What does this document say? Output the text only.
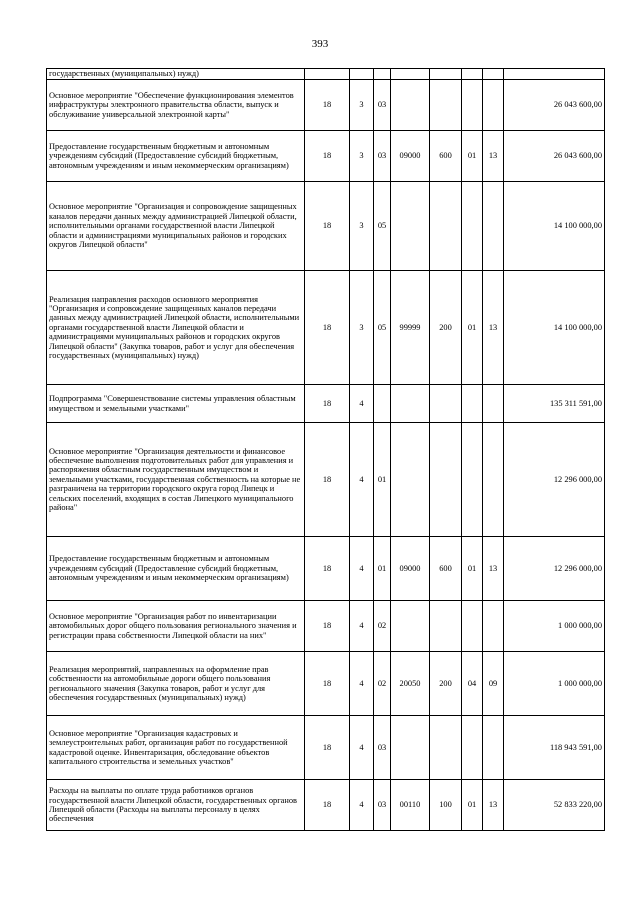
393
государственных (муниципальных) нужд)								
Основное мероприятие "Обеспечение функционирования элементов инфраструктуры электронного правительства области, выпуск и обслуживание универсальной электронной карты"	18	3	03					26 043 600,00
Предоставление государственным бюджетным и автономным учреждениям субсидий (Предоставление субсидий бюджетным, автономным учреждениям и иным некоммерческим организациям)	18	3	03	09000	600	01	13	26 043 600,00
Основное мероприятие "Организация и сопровождение защищенных каналов передачи данных между администрацией Липецкой области, исполнительными органами государственной власти Липецкой области и администрациями муниципальных районов и городских округов Липецкой области"	18	3	05					14 100 000,00
Реализация направления расходов основного мероприятия "Организация и сопровождение защищенных каналов передачи данных между администрацией Липецкой области, исполнительными органами государственной власти Липецкой области и администрациями муниципальных районов и городских округов Липецкой области" (Закупка товаров, работ и услуг для обеспечения государственных (муниципальных) нужд)	18	3	05	99999	200	01	13	14 100 000,00
Подпрограмма "Совершенствование системы управления областным имуществом и земельными участками"	18	4						135 311 591,00
Основное мероприятие "Организация деятельности и финансовое обеспечение выполнения подготовительных работ для управления и распоряжения областным государственным имуществом и земельными участками, государственная собственность на которые не разграничена на территории городского округа город Липецк и сельских поселений, входящих в состав Липецкого муниципального района"	18	4	01					12 296 000,00
Предоставление государственным бюджетным и автономным учреждениям субсидий (Предоставление субсидий бюджетным, автономным учреждениям и иным некоммерческим организациям)	18	4	01	09000	600	01	13	12 296 000,00
Основное мероприятие "Организация работ по инвентаризации автомобильных дорог общего пользования регионального значения и регистрации права собственности Липецкой области на них"	18	4	02					1 000 000,00
Реализация мероприятий, направленных на оформление прав собственности на автомобильные дороги общего пользования регионального значения (Закупка товаров, работ и услуг для обеспечения государственных (муниципальных) нужд)	18	4	02	20050	200	04	09	1 000 000,00
Основное мероприятие "Организация кадастровых и землеустроительных работ, организация работ по государственной кадастровой оценке. Инвентаризация, обследование объектов капитального строительства и земельных участков"	18	4	03					118 943 591,00
Расходы на выплаты по оплате труда работников органов государственной власти Липецкой области, государственных органов Липецкой области (Расходы на выплаты персоналу в целях обеспечения	18	4	03	00110	100	01	13	52 833 220,00
